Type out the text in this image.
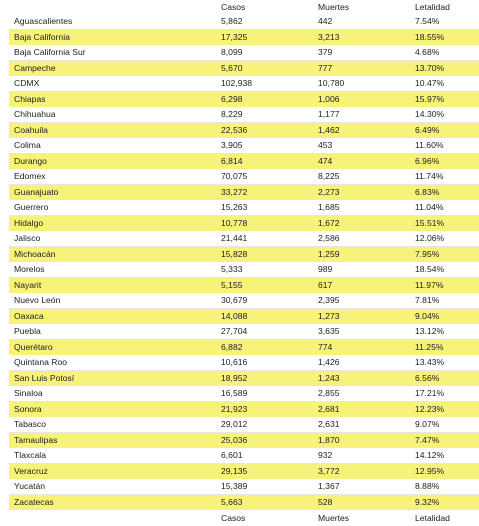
	Casos	Muertes	Letalidad
Aguascalientes	5,862	442	7.54%
Baja California	17,325	3,213	18.55%
Baja California Sur	8,099	379	4.68%
Campeche	5,670	777	13.70%
CDMX	102,938	10,780	10.47%
Chiapas	6,298	1,006	15.97%
Chihuahua	8,229	1,177	14.30%
Coahuila	22,536	1,462	6.49%
Colima	3,905	453	11.60%
Durango	6,814	474	6.96%
Edomex	70,075	8,225	11.74%
Guanajuato	33,272	2,273	6.83%
Guerrero	15,263	1,685	11.04%
Hidalgo	10,778	1,672	15.51%
Jalisco	21,441	2,586	12.06%
Michoacán	15,828	1,259	7.95%
Morelos	5,333	989	18.54%
Nayarit	5,155	617	11.97%
Nuevo León	30,679	2,395	7.81%
Oaxaca	14,088	1,273	9.04%
Puebla	27,704	3,635	13.12%
Querétaro	6,882	774	11.25%
Quintana Roo	10,616	1,426	13.43%
San Luis Potosí	18,952	1,243	6.56%
Sinaloa	16,589	2,855	17.21%
Sonora	21,923	2,681	12.23%
Tabasco	29,012	2,631	9.07%
Tamaulipas	25,036	1,870	7.47%
Tlaxcala	6,601	932	14.12%
Veracruz	29,135	3,772	12.95%
Yucatán	15,389	1,367	8.88%
Zacatecas	5,663	528	9.32%
	Casos	Muertes	Letalidad
